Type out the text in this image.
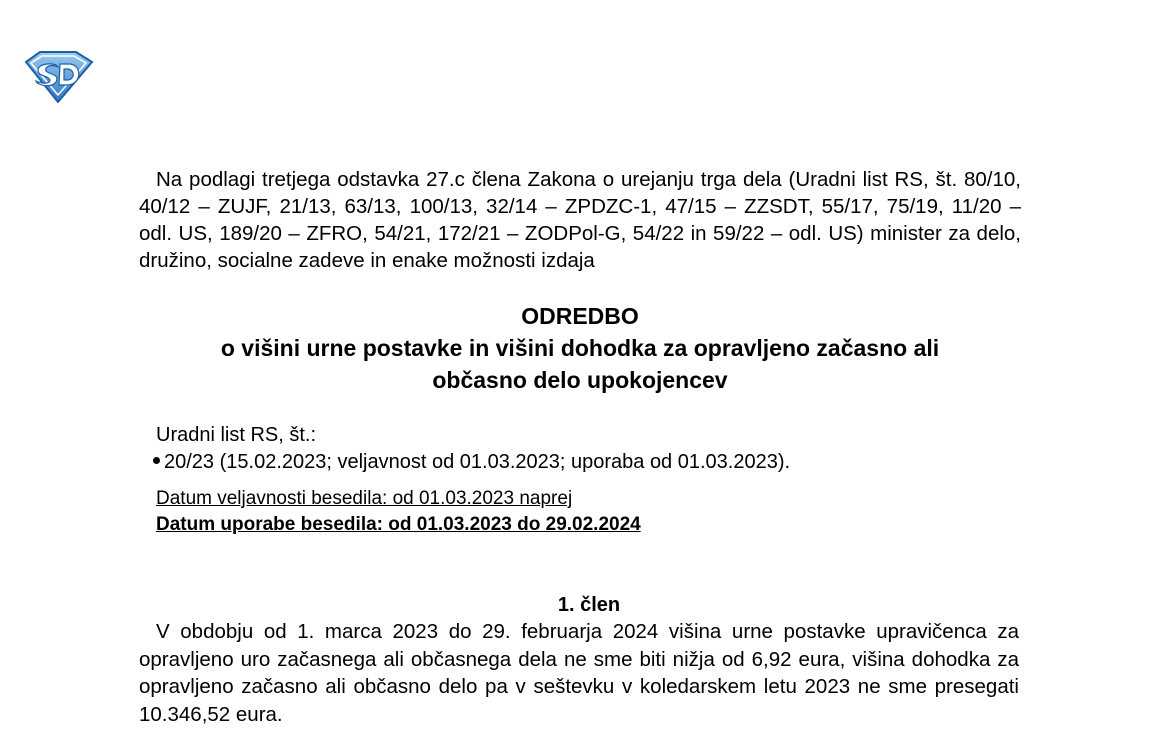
Na podlagi tretjega odstavka 27.c člena Zakona o urejanju trga dela (Uradni list RS, št. 80/10, 40/12 – ZUJF, 21/13, 63/13, 100/13, 32/14 – ZPDZC-1, 47/15 – ZZSDT, 55/17, 75/19, 11/20 – odl. US, 189/20 – ZFRO, 54/21, 172/21 – ZODPol-G, 54/22 in 59/22 – odl. US) minister za delo, družino, socialne zadeve in enake možnosti izdaja
ODREDBO
o višini urne postavke in višini dohodka za opravljeno začasno ali
občasno delo upokojencev
Uradni list RS, št.:
20/23 (15.02.2023; veljavnost od 01.03.2023; uporaba od 01.03.2023).
Datum veljavnosti besedila: od 01.03.2023 naprej
Datum uporabe besedila: od 01.03.2023 do 29.02.2024
1. člen
V obdobju od 1. marca 2023 do 29. februarja 2024 višina urne postavke upravičenca za opravljeno uro začasnega ali občasnega dela ne sme biti nižja od 6,92 eura, višina dohodka za opravljeno začasno ali občasno delo pa v seštevku v koledarskem letu 2023 ne sme presegati 10.346,52 eura.
